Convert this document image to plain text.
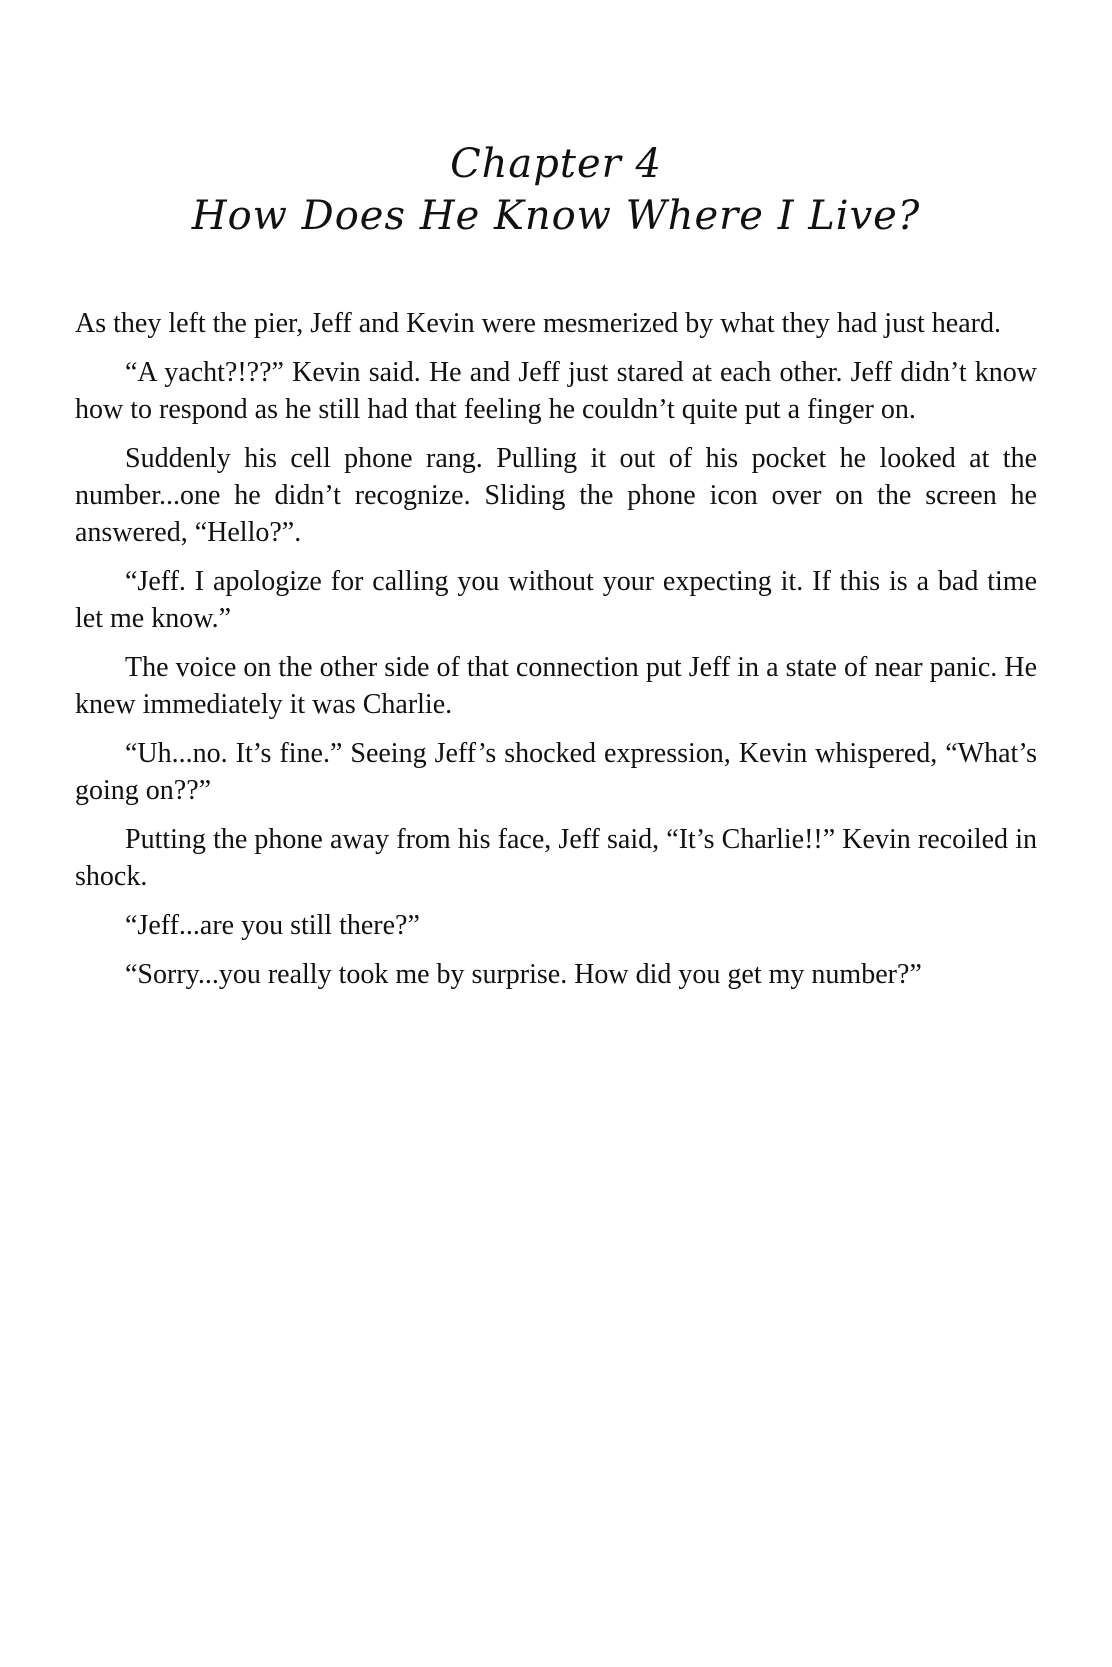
Chapter 4
How Does He Know Where I Live?

As they left the pier, Jeff and Kevin were mesmerized by what they had just heard.

“A yacht?!??” Kevin said. He and Jeff just stared at each other. Jeff didn’t know how to respond as he still had that feeling he couldn’t quite put a finger on.

Suddenly his cell phone rang. Pulling it out of his pocket he looked at the number...one he didn’t recognize. Sliding the phone icon over on the screen he answered, “Hello?”.

“Jeff. I apologize for calling you without your expecting it. If this is a bad time let me know.”

The voice on the other side of that connection put Jeff in a state of near panic. He knew immediately it was Charlie.

“Uh...no. It’s fine.” Seeing Jeff’s shocked expression, Kevin whispered, “What’s going on??”

Putting the phone away from his face, Jeff said, “It’s Charlie!!” Kevin recoiled in shock.

“Jeff...are you still there?”

“Sorry...you really took me by surprise. How did you get my number?”
